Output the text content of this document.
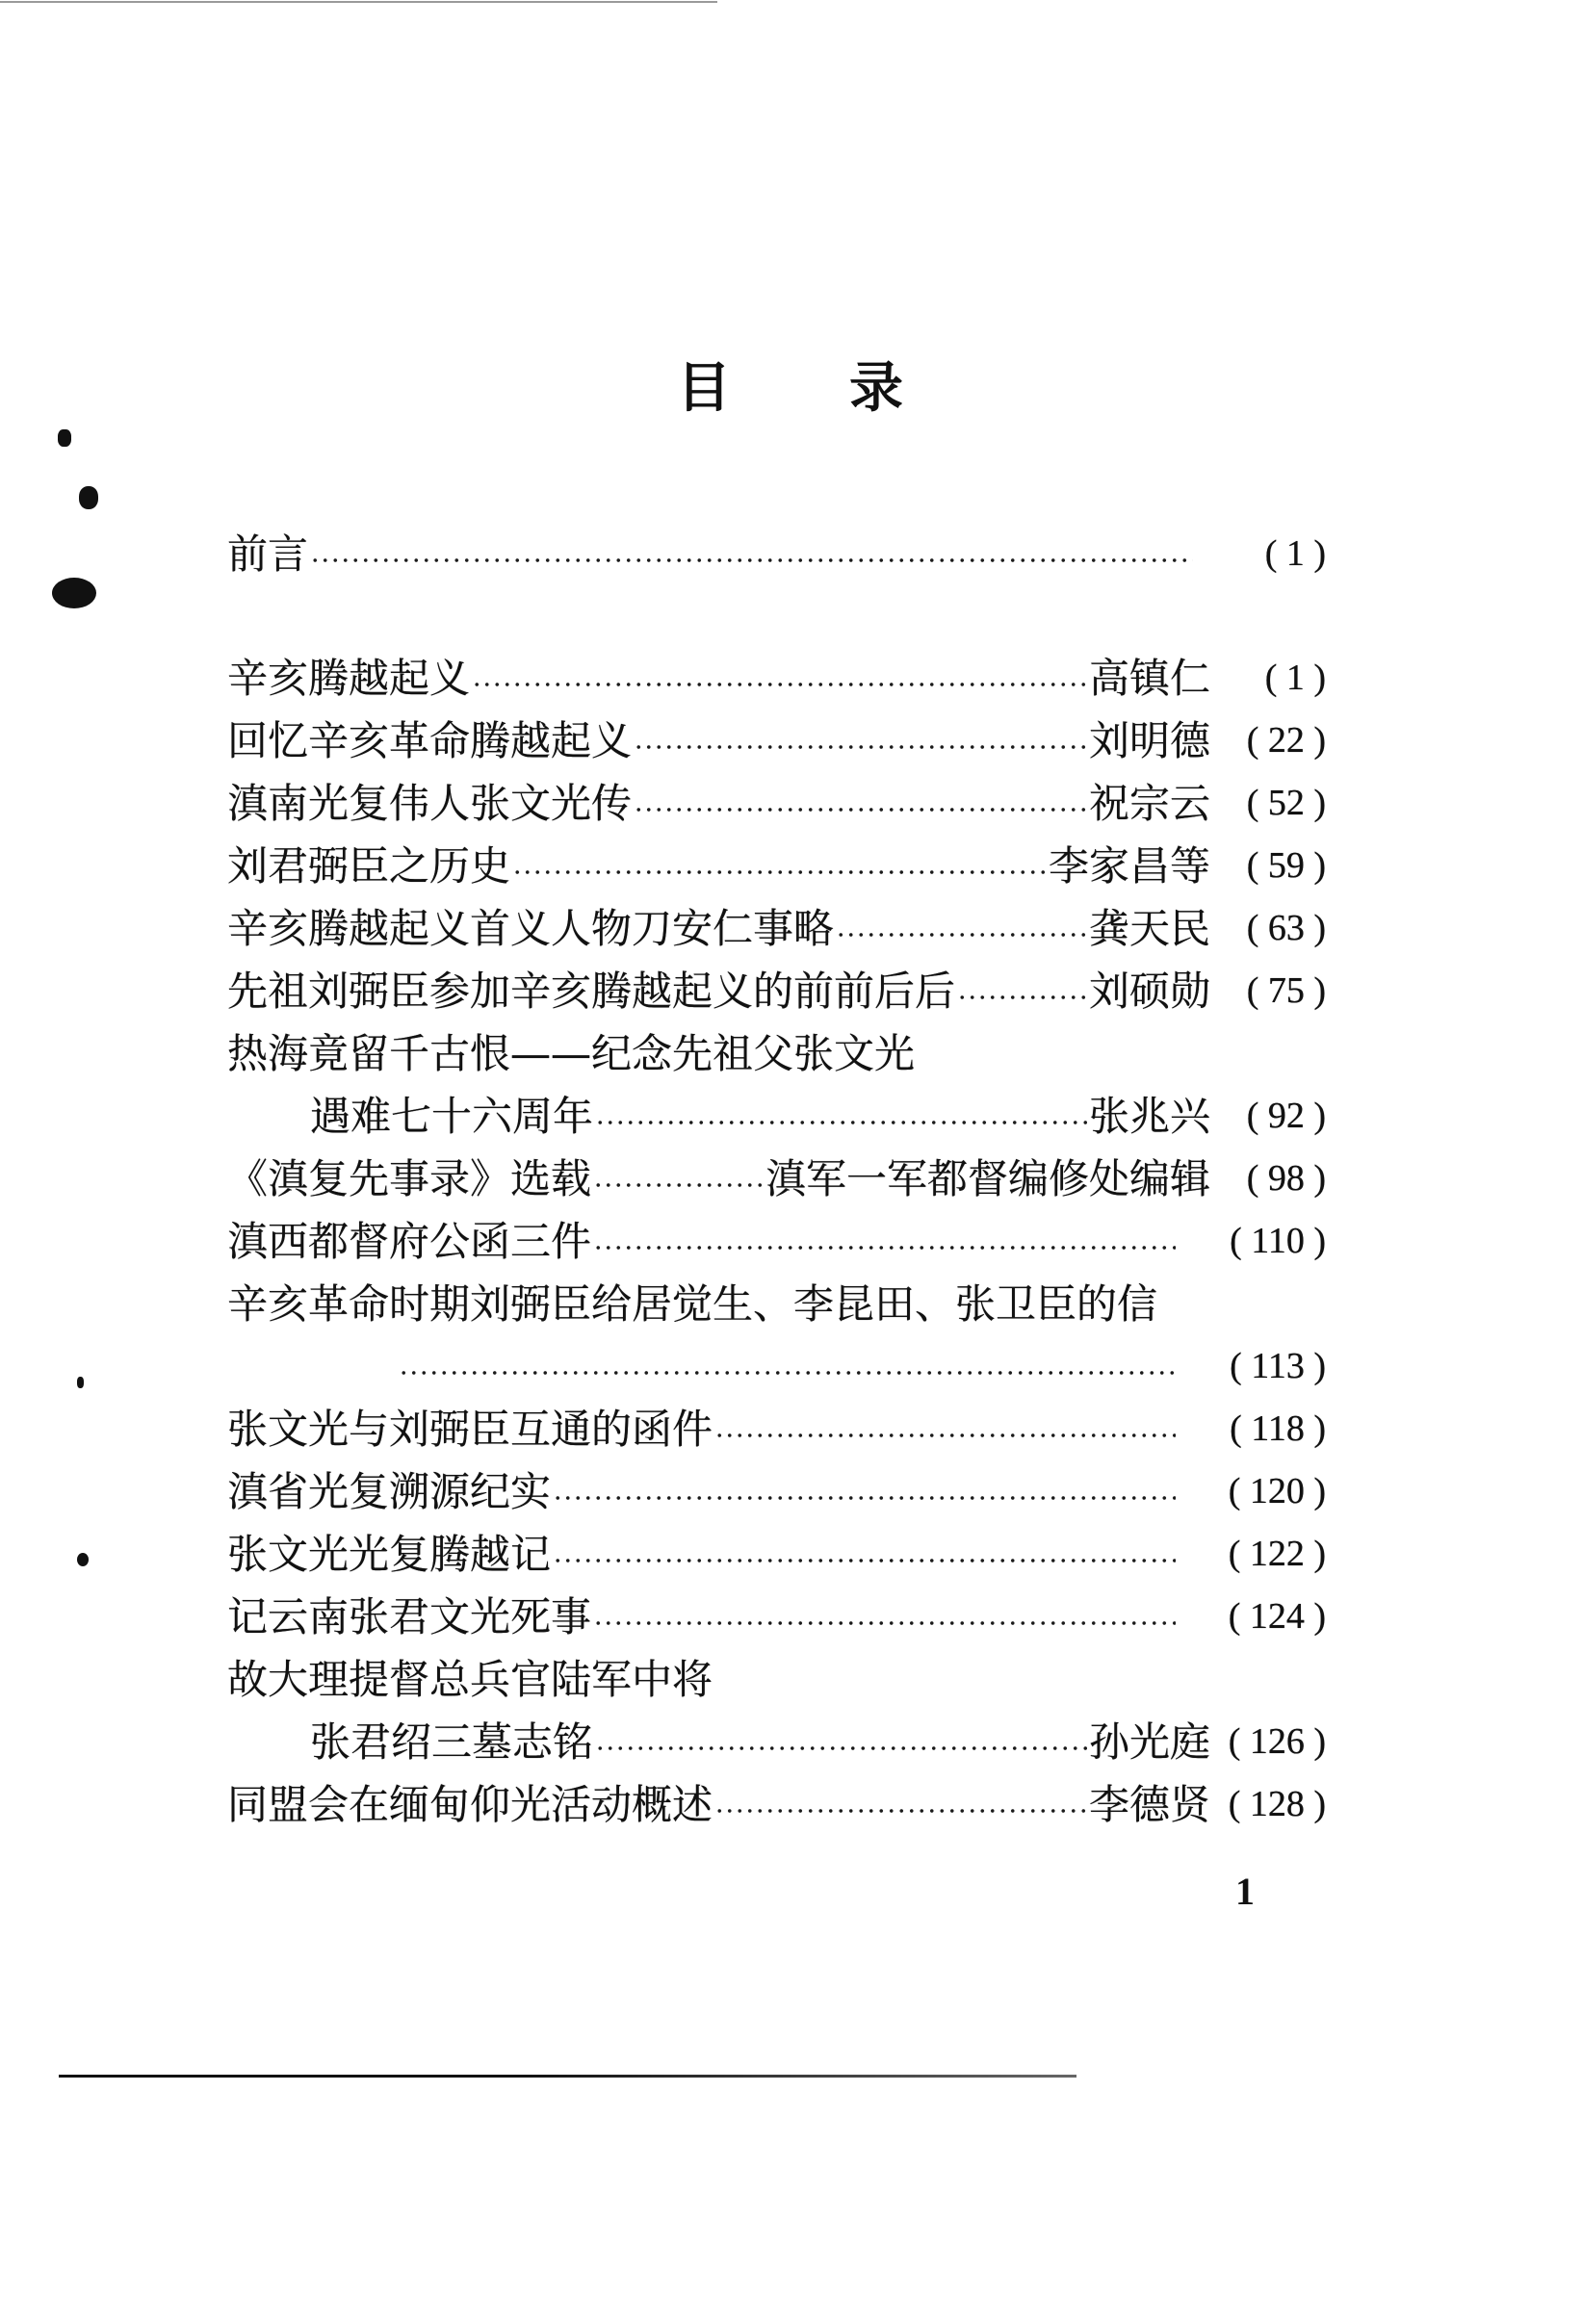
目录
前言	( 1 )
辛亥腾越起义	高镇仁	( 1 )
回忆辛亥革命腾越起义	刘明德 ( 22 )
滇南光复伟人张文光传	祝宗云 ( 52 )
刘君弼臣之历史	李家昌等 ( 59 )
辛亥腾越起义首义人物刀安仁事略	龚天民 ( 63 )
先祖刘弼臣参加辛亥腾越起义的前前后后	刘硕勋 ( 75 )
热海竟留千古恨——纪念先祖父张文光
遇难七十六周年	张兆兴 ( 92 )
《滇复先事录》选载	滇军一军都督编修处编辑 ( 98 )
滇西都督府公函三件	( 110 )
辛亥革命时期刘弼臣给居觉生、李昆田、张卫臣的信
( 113 )
张文光与刘弼臣互通的函件	( 118 )
滇省光复溯源纪实	( 120 )
张文光光复腾越记	( 122 )
记云南张君文光死事	( 124 )
故大理提督总兵官陆军中将
张君绍三墓志铭	孙光庭 ( 126 )
同盟会在缅甸仰光活动概述	李德贤 ( 128 )
1
